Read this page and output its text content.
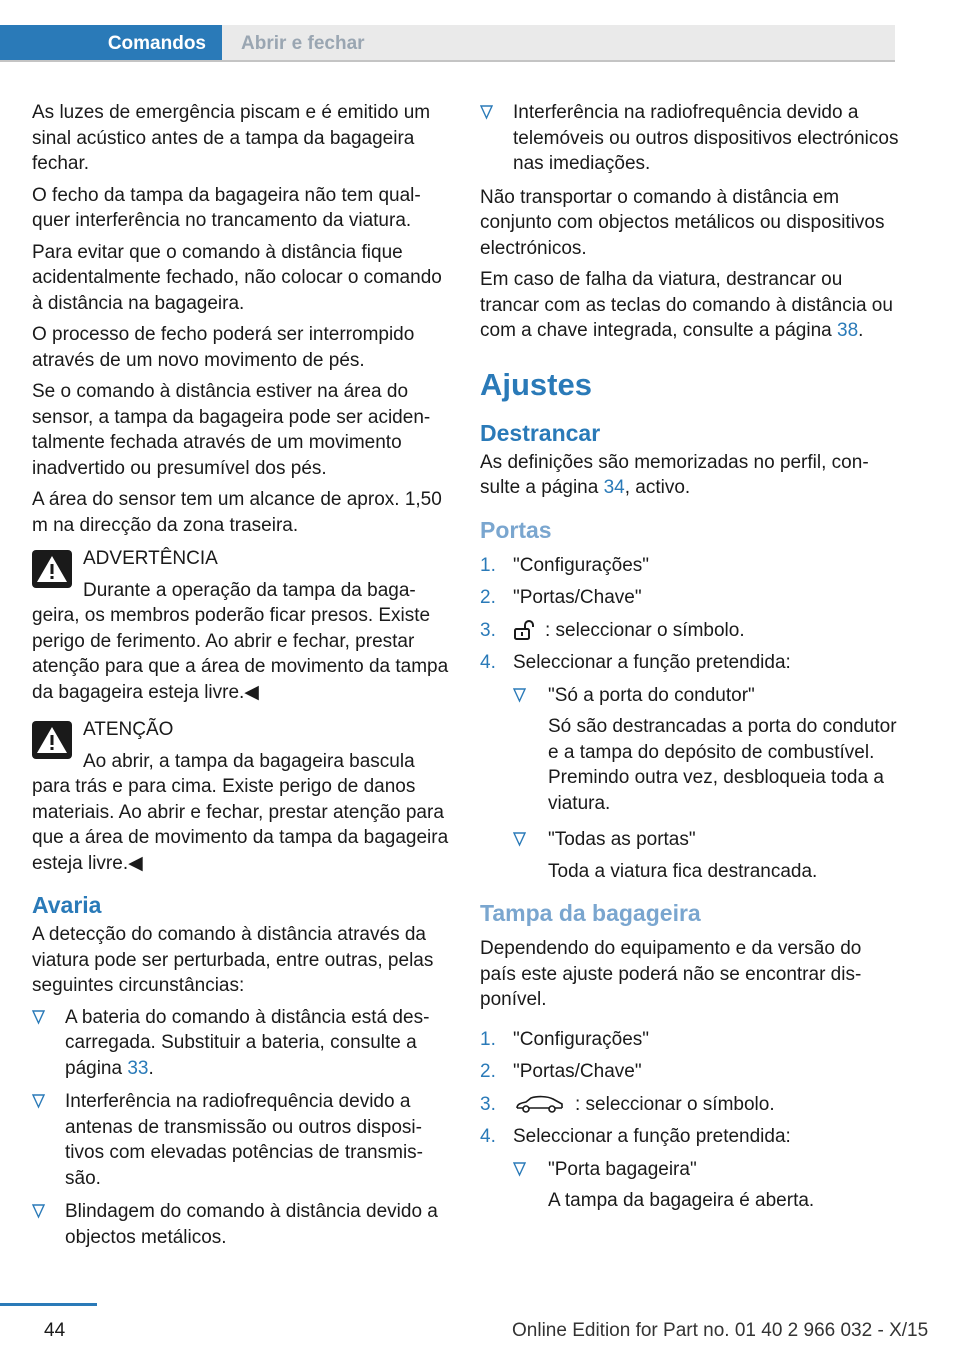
Comandos Abrir e fechar

As luzes de emergência piscam e é emitido um sinal acústico antes de a tampa da bagageira fechar.

O fecho da tampa da bagageira não tem qualquer interferência no trancamento da viatura.

Para evitar que o comando à distância fique acidentalmente fechado, não colocar o comando à distância na bagageira.

O processo de fecho poderá ser interrompido através de um novo movimento de pés.

Se o comando à distância estiver na área do sensor, a tampa da bagageira pode ser acidentalmente fechada através de um movimento inadvertido ou presumível dos pés.

A área do sensor tem um alcance de aprox. 1,50 m na direcção da zona traseira.

ADVERTÊNCIA
Durante a operação da tampa da baga-
geira, os membros poderão ficar presos. Existe perigo de ferimento. Ao abrir e fechar, prestar atenção para que a área de movimento da tampa da bagageira esteja livre.◀
ATENÇÃO
Ao abrir, a tampa da bagageira bascula
para trás e para cima. Existe perigo de danos materiais. Ao abrir e fechar, prestar atenção para que a área de movimento da tampa da bagageira esteja livre.◀
Avaria

A detecção do comando à distância através da viatura pode ser perturbada, entre outras, pelas seguintes circunstâncias:

A bateria do comando à distância está descarregada. Substituir a bateria, consulte a página 33.
Interferência na radiofrequência devido a antenas de transmissão ou outros dispositivos com elevadas potências de transmissão.
Blindagem do comando à distância devido a objectos metálicos.
Interferência na radiofrequência devido a telemóveis ou outros dispositivos electrónicos nas imediações.

Não transportar o comando à distância em conjunto com objectos metálicos ou dispositivos electrónicos.

Em caso de falha da viatura, destrancar ou trancar com as teclas do comando à distância ou com a chave integrada, consulte a página 38.

Ajustes
Destrancar

As definições são memorizadas no perfil, consulte a página 34, activo.

Portas
1. "Configurações"
2. "Portas/Chave"
3.	: seleccionar o símbolo.
4. Seleccionar a função pretendida:
"Só a porta do condutor"
Só são destrancadas a porta do condutor e a tampa do depósito de combustível. Premindo outra vez, desbloqueia toda a viatura.
"Todas as portas"
Toda a viatura fica destrancada.
Tampa da bagageira

Dependendo do equipamento e da versão do país este ajuste poderá não se encontrar disponível.

1. "Configurações"
2. "Portas/Chave"
3.	: seleccionar o símbolo.
4. Seleccionar a função pretendida:
"Porta bagageira"
A tampa da bagageira é aberta.
44	Online Edition for Part no. 01 40 2 966 032 - X/15
